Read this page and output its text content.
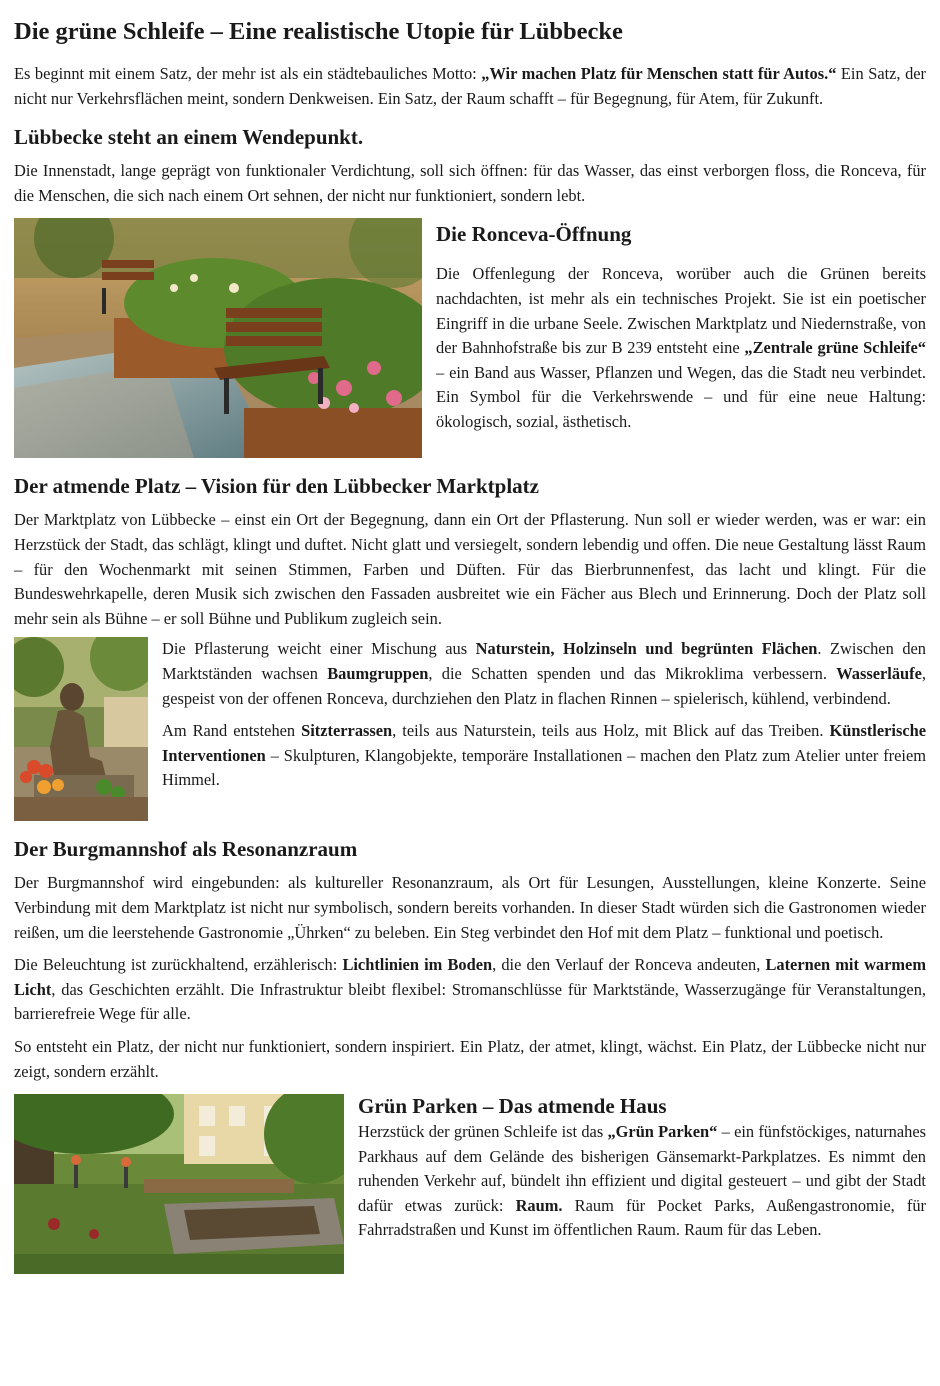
Die grüne Schleife – Eine realistische Utopie für Lübbecke

Es beginnt mit einem Satz, der mehr ist als ein städtebauliches Motto: „Wir machen Platz für Menschen statt für Autos.“ Ein Satz, der nicht nur Verkehrsflächen meint, sondern Denkweisen. Ein Satz, der Raum schafft – für Begegnung, für Atem, für Zukunft.

Lübbecke steht an einem Wendepunkt.

Die Innenstadt, lange geprägt von funktionaler Verdichtung, soll sich öffnen: für das Wasser, das einst verborgen floss, die Ronceva, für die Menschen, die sich nach einem Ort sehnen, der nicht nur funktioniert, sondern lebt.

Die Ronceva-Öffnung

Die Offenlegung der Ronceva, worüber auch die Grünen bereits nachdachten, ist mehr als ein technisches Projekt. Sie ist ein poetischer Eingriff in die urbane Seele. Zwischen Marktplatz und Niedernstraße, von der Bahnhofstraße bis zur B 239 entsteht eine „Zentrale grüne Schleife“ – ein Band aus Wasser, Pflanzen und Wegen, das die Stadt neu verbindet. Ein Symbol für die Verkehrswende – und für eine neue Haltung: ökologisch, sozial, ästhetisch.

Der atmende Platz – Vision für den Lübbecker Marktplatz

Der Marktplatz von Lübbecke – einst ein Ort der Begegnung, dann ein Ort der Pflasterung. Nun soll er wieder werden, was er war: ein Herzstück der Stadt, das schlägt, klingt und duftet. Nicht glatt und versiegelt, sondern lebendig und offen. Die neue Gestaltung lässt Raum – für den Wochenmarkt mit seinen Stimmen, Farben und Düften. Für das Bierbrunnenfest, das lacht und klingt. Für die Bundeswehrkapelle, deren Musik sich zwischen den Fassaden ausbreitet wie ein Fächer aus Blech und Erinnerung. Doch der Platz soll mehr sein als Bühne – er soll Bühne und Publikum zugleich sein.

Die Pflasterung weicht einer Mischung aus Naturstein, Holzinseln und begrünten Flächen. Zwischen den Marktständen wachsen Baumgruppen, die Schatten spenden und das Mikroklima verbessern. Wasserläufe, gespeist von der offenen Ronceva, durchziehen den Platz in flachen Rinnen – spielerisch, kühlend, verbindend.

Am Rand entstehen Sitzterrassen, teils aus Naturstein, teils aus Holz, mit Blick auf das Treiben. Künstlerische Interventionen – Skulpturen, Klangobjekte, temporäre Installationen – machen den Platz zum Atelier unter freiem Himmel.

Der Burgmannshof als Resonanzraum

Der Burgmannshof wird eingebunden: als kultureller Resonanzraum, als Ort für Lesungen, Ausstellungen, kleine Konzerte. Seine Verbindung mit dem Marktplatz ist nicht nur symbolisch, sondern bereits vorhanden. In dieser Stadt würden sich die Gastronomen wieder reißen, um die leerstehende Gastronomie „Ührken“ zu beleben. Ein Steg verbindet den Hof mit dem Platz – funktional und poetisch.

Die Beleuchtung ist zurückhaltend, erzählerisch: Lichtlinien im Boden, die den Verlauf der Ronceva andeuten, Laternen mit warmem Licht, das Geschichten erzählt. Die Infrastruktur bleibt flexibel: Stromanschlüsse für Marktstände, Wasserzugänge für Veranstaltungen, barrierefreie Wege für alle.

So entsteht ein Platz, der nicht nur funktioniert, sondern inspiriert. Ein Platz, der atmet, klingt, wächst. Ein Platz, der Lübbecke nicht nur zeigt, sondern erzählt.

Grün Parken – Das atmende Haus

Herzstück der grünen Schleife ist das „Grün Parken“ – ein fünfstöckiges, naturnahes Parkhaus auf dem Gelände des bisherigen Gänsemarkt-Parkplatzes. Es nimmt den ruhenden Verkehr auf, bündelt ihn effizient und digital gesteuert – und gibt der Stadt dafür etwas zurück: Raum. Raum für Pocket Parks, Außengastronomie, für Fahrradstraßen und Kunst im öffentlichen Raum. Raum für das Leben.
